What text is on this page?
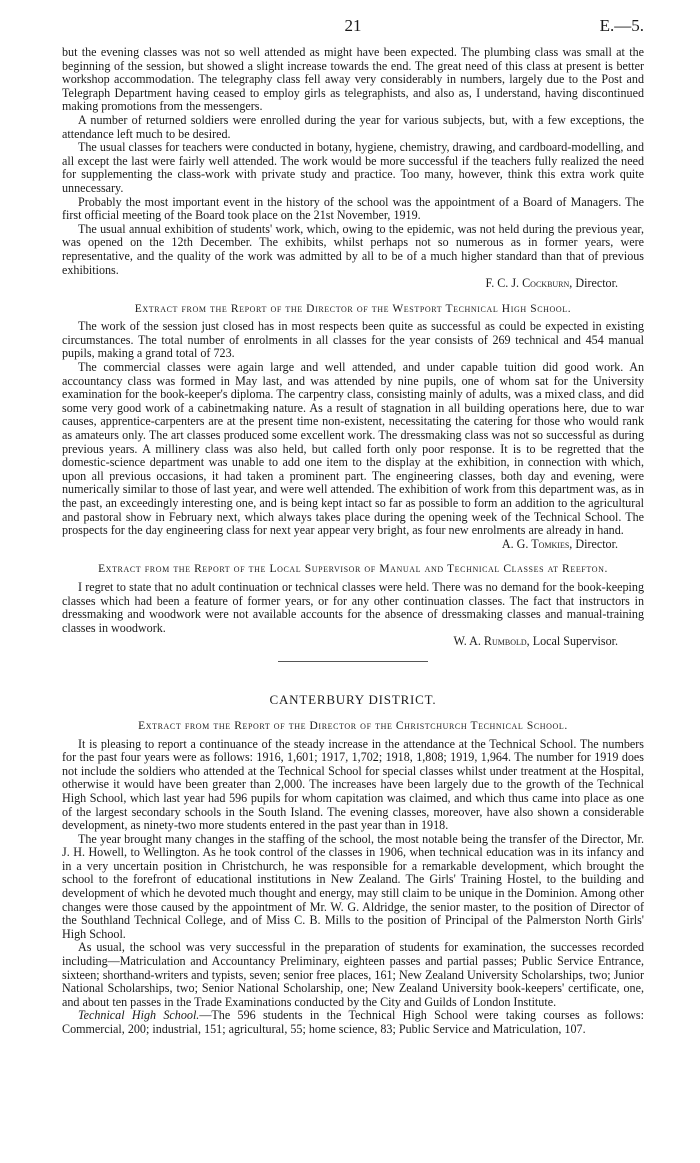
21	E.—5.

but the evening classes was not so well attended as might have been expected. The plumbing class was small at the beginning of the session, but showed a slight increase towards the end. The great need of this class at present is better workshop accommodation. The telegraphy class fell away very considerably in numbers, largely due to the Post and Telegraph Department having ceased to employ girls as telegraphists, and also as, I understand, having discontinued making promotions from the messengers.

A number of returned soldiers were enrolled during the year for various subjects, but, with a few exceptions, the attendance left much to be desired.

The usual classes for teachers were conducted in botany, hygiene, chemistry, drawing, and cardboard-modelling, and all except the last were fairly well attended. The work would be more successful if the teachers fully realized the need for supplementing the class-work with private study and practice. Too many, however, think this extra work quite unnecessary.

Probably the most important event in the history of the school was the appointment of a Board of Managers. The first official meeting of the Board took place on the 21st November, 1919.

The usual annual exhibition of students' work, which, owing to the epidemic, was not held during the previous year, was opened on the 12th December. The exhibits, whilst perhaps not so numerous as in former years, were representative, and the quality of the work was admitted by all to be of a much higher standard than that of previous exhibitions.

F. C. J. Cockburn, Director.
Extract from the Report of the Director of the Westport Technical High School.

The work of the session just closed has in most respects been quite as successful as could be expected in existing circumstances. The total number of enrolments in all classes for the year consists of 269 technical and 454 manual pupils, making a grand total of 723.

The commercial classes were again large and well attended, and under capable tuition did good work. An accountancy class was formed in May last, and was attended by nine pupils, one of whom sat for the University examination for the book-keeper's diploma. The carpentry class, consisting mainly of adults, was a mixed class, and did some very good work of a cabinetmaking nature. As a result of stagnation in all building operations here, due to war causes, apprentice-carpenters are at the present time non-existent, necessitating the catering for those who would rank as amateurs only. The art classes produced some excellent work. The dressmaking class was not so successful as during previous years. A millinery class was also held, but called forth only poor response. It is to be regretted that the domestic-science department was unable to add one item to the display at the exhibition, in connection with which, upon all previous occasions, it had taken a prominent part. The engineering classes, both day and evening, were numerically similar to those of last year, and were well attended. The exhibition of work from this department was, as in the past, an exceedingly interesting one, and is being kept intact so far as possible to form an addition to the agricultural and pastoral show in February next, which always takes place during the opening week of the Technical School. The prospects for the day engineering class for next year appear very bright, as four new enrolments are already in hand.

A. G. Tomkies, Director.
Extract from the Report of the Local Supervisor of Manual and Technical Classes at Reefton.

I regret to state that no adult continuation or technical classes were held. There was no demand for the book-keeping classes which had been a feature of former years, or for any other continuation classes. The fact that instructors in dressmaking and woodwork were not available accounts for the absence of dressmaking classes and manual-training classes in woodwork.

W. A. Rumbold, Local Supervisor.
CANTERBURY DISTRICT.
Extract from the Report of the Director of the Christchurch Technical School.

It is pleasing to report a continuance of the steady increase in the attendance at the Technical School. The numbers for the past four years were as follows: 1916, 1,601; 1917, 1,702; 1918, 1,808; 1919, 1,964. The number for 1919 does not include the soldiers who attended at the Technical School for special classes whilst under treatment at the Hospital, otherwise it would have been greater than 2,000. The increases have been largely due to the growth of the Technical High School, which last year had 596 pupils for whom capitation was claimed, and which thus came into place as one of the largest secondary schools in the South Island. The evening classes, moreover, have also shown a considerable development, as ninety-two more students entered in the past year than in 1918.

The year brought many changes in the staffing of the school, the most notable being the transfer of the Director, Mr. J. H. Howell, to Wellington. As he took control of the classes in 1906, when technical education was in its infancy and in a very uncertain position in Christchurch, he was responsible for a remarkable development, which brought the school to the forefront of educational institutions in New Zealand. The Girls' Training Hostel, to the building and development of which he devoted much thought and energy, may still claim to be unique in the Dominion. Among other changes were those caused by the appointment of Mr. W. G. Aldridge, the senior master, to the position of Director of the Southland Technical College, and of Miss C. B. Mills to the position of Principal of the Palmerston North Girls' High School.

As usual, the school was very successful in the preparation of students for examination, the successes recorded including—Matriculation and Accountancy Preliminary, eighteen passes and partial passes; Public Service Entrance, sixteen; shorthand-writers and typists, seven; senior free places, 161; New Zealand University Scholarships, two; Junior National Scholarships, two; Senior National Scholarship, one; New Zealand University book-keepers' certificate, one, and about ten passes in the Trade Examinations conducted by the City and Guilds of London Institute.

Technical High School.—The 596 students in the Technical High School were taking courses as follows: Commercial, 200; industrial, 151; agricultural, 55; home science, 83; Public Service and Matriculation, 107.
